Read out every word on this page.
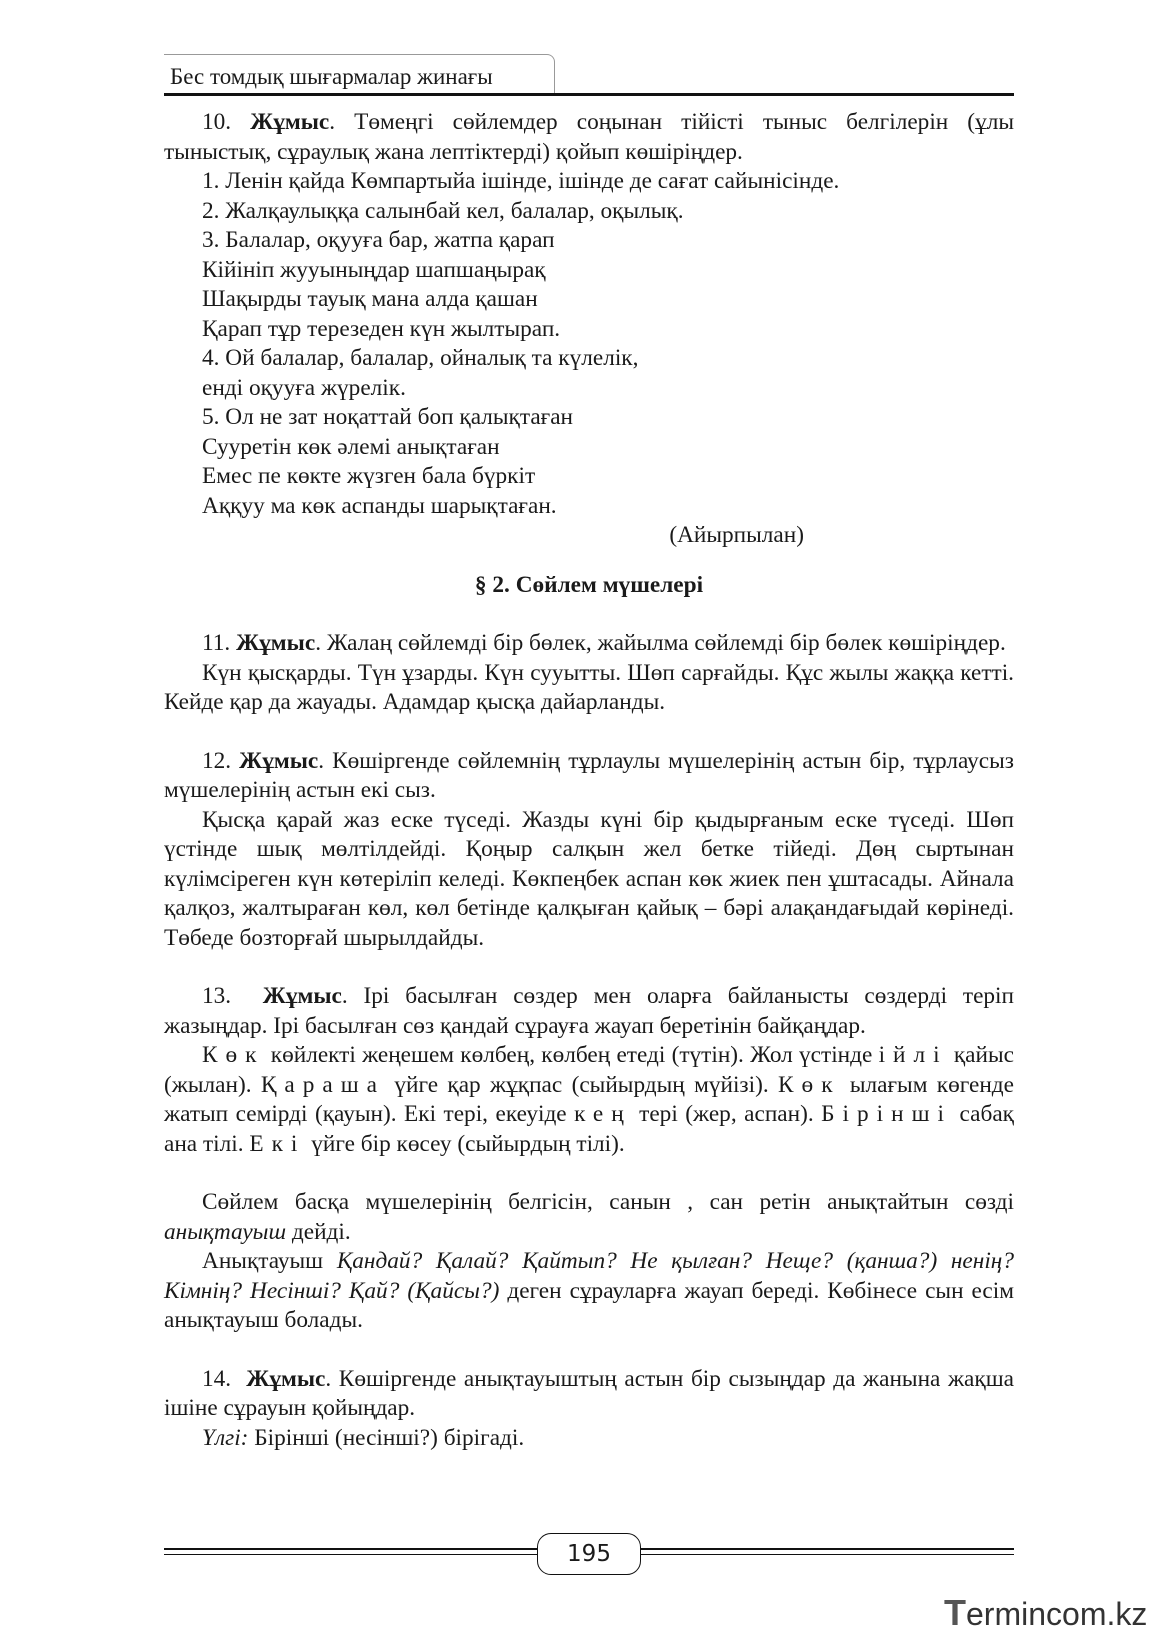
Бес томдық шығармалар жинағы

10. Жұмыс. Төмеңгі сөйлемдер соңынан тійісті тыныс белгілерін (ұлы тыныстық, сұраулық жана лептіктерді) қойып көшіріңдер.

1. Ленін қайда Көмпартыйа ішінде, ішінде де сағат сайынісінде.

2. Жалқаулыққа салынбай кел, балалар, оқылық.

3. Балалар, оқууға бар, жатпа қарап

Кійініп жууыныңдар шапшаңырақ

Шақырды тауық мана алда қашан

Қарап тұр терезеден күн жылтырап.

4. Ой балалар, балалар, ойналық та күлелік,

енді оқууға жүрелік.

5. Ол не зат ноқаттай боп қалықтаған

Сууретін көк әлемі анықтаған

Емес пе көкте жүзген бала бүркіт

Аққуу ма көк аспанды шарықтаған.

(Айырпылан)

§ 2. Сөйлем мүшелері

11. Жұмыс. Жалаң сөйлемді бір бөлек, жайылма сөйлемді бір бөлек көшіріңдер.

Күн қысқарды. Түн ұзарды. Күн сууытты. Шөп сарғайды. Құс жылы жаққа кетті. Кейде қар да жауады. Адамдар қысқа дайарланды.

12. Жұмыс. Көшіргенде сөйлемнің тұрлаулы мүшелерінің астын бір, тұрлаусыз мүшелерінің астын екі сыз.

Қысқа қарай жаз еске түседі. Жазды күні бір қыдырғаным еске түседі. Шөп үстінде шық мөлтілдейді. Қоңыр салқын жел бетке тійеді. Дөң сыртынан күлімсіреген күн көтеріліп келеді. Көкпеңбек аспан көк жиек пен ұштасады. Айнала қалқоз, жалтыраған көл, көл бетінде қалқыған қайық – бәрі алақандағыдай көрінеді. Төбеде бозторғай шырылдайды.

13. Жұмыс. Ірі басылған сөздер мен оларға байланысты сөздерді теріп жазыңдар. Ірі басылған сөз қандай сұрауға жауап беретінін байқаңдар.

Көк көйлекті жеңешем көлбең, көлбең етеді (түтін). Жол үстінде ійлі қайыс (жылан). Қараша үйге қар жұқпас (сыйырдың мүйізі). Көк ылағым көгенде жатып семірді (қауын). Екі тері, екеуіде кең тері (жер, аспан). Бірінші сабақ ана тілі. Екі үйге бір көсеу (сыйырдың тілі).

Сөйлем басқа мүшелерінің белгісін, санын , сан ретін анықтайтын сөзді анықтауыш дейді.

Анықтауыш Қандай? Қалай? Қайтып? Не қылған? Неще? (қанша?) ненің? Кімнің? Несінші? Қай? (Қайсы?) деген сұрауларға жауап береді. Көбінесе сын есім анықтауыш болады.

14. Жұмыс. Көшіргенде анықтауыштың астын бір сызыңдар да жанына жақша ішіне сұрауын қойыңдар.

Үлгі: Бірінші (несінші?) бірігаді.

195
Termincom.kz
